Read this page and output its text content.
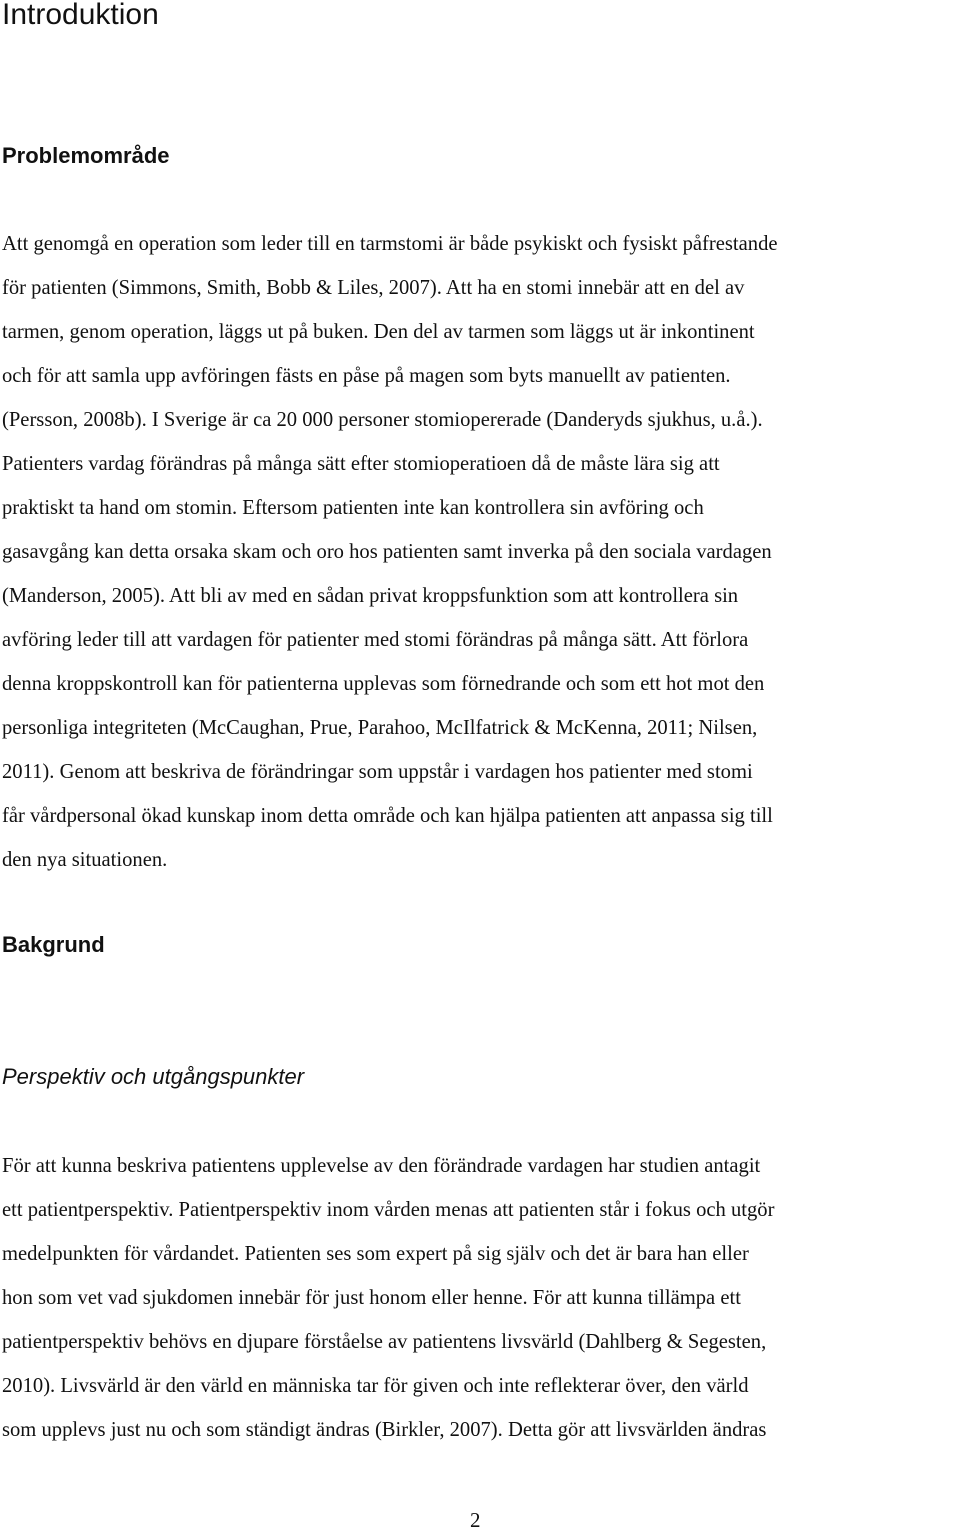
Introduktion
Problemområde
Att genomgå en operation som leder till en tarmstomi är både psykiskt och fysiskt påfrestande
för patienten (Simmons, Smith, Bobb & Liles, 2007). Att ha en stomi innebär att en del av
tarmen, genom operation, läggs ut på buken. Den del av tarmen som läggs ut är inkontinent
och för att samla upp avföringen fästs en påse på magen som byts manuellt av patienten.
(Persson, 2008b). I Sverige är ca 20 000 personer stomiopererade (Danderyds sjukhus, u.å.).
Patienters vardag förändras på många sätt efter stomioperatioen då de måste lära sig att
praktiskt ta hand om stomin. Eftersom patienten inte kan kontrollera sin avföring och
gasavgång kan detta orsaka skam och oro hos patienten samt inverka på den sociala vardagen
(Manderson, 2005). Att bli av med en sådan privat kroppsfunktion som att kontrollera sin
avföring leder till att vardagen för patienter med stomi förändras på många sätt. Att förlora
denna kroppskontroll kan för patienterna upplevas som förnedrande och som ett hot mot den
personliga integriteten (McCaughan, Prue, Parahoo, McIlfatrick & McKenna, 2011; Nilsen,
2011). Genom att beskriva de förändringar som uppstår i vardagen hos patienter med stomi
får vårdpersonal ökad kunskap inom detta område och kan hjälpa patienten att anpassa sig till
den nya situationen.
Bakgrund
Perspektiv och utgångspunkter
För att kunna beskriva patientens upplevelse av den förändrade vardagen har studien antagit
ett patientperspektiv. Patientperspektiv inom vården menas att patienten står i fokus och utgör
medelpunkten för vårdandet. Patienten ses som expert på sig själv och det är bara han eller
hon som vet vad sjukdomen innebär för just honom eller henne. För att kunna tillämpa ett
patientperspektiv behövs en djupare förståelse av patientens livsvärld (Dahlberg & Segesten,
2010). Livsvärld är den värld en människa tar för given och inte reflekterar över, den värld
som upplevs just nu och som ständigt ändras (Birkler, 2007). Detta gör att livsvärlden ändras
2
